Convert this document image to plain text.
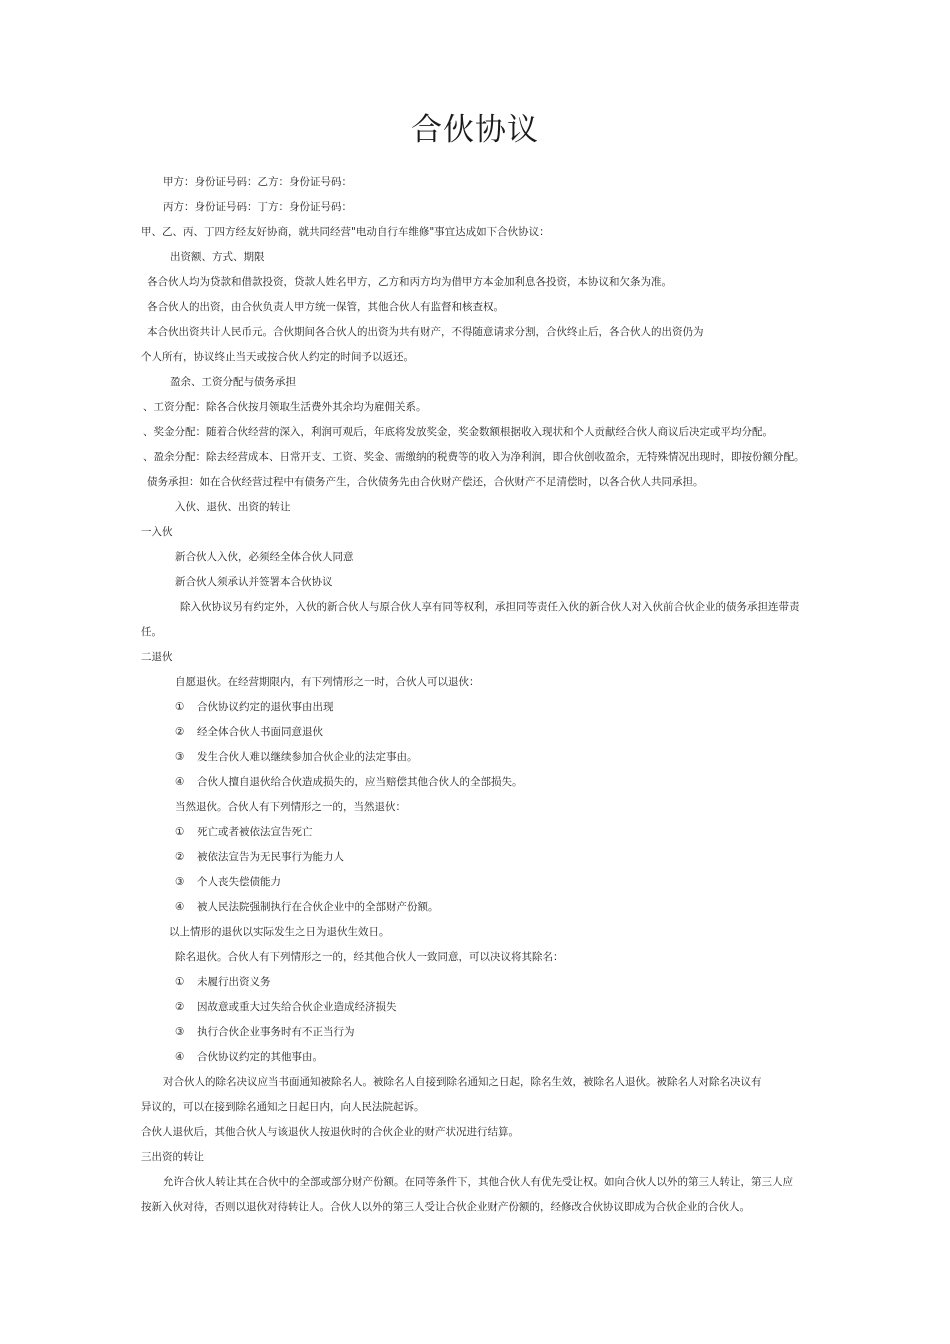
合伙协议
甲方：身份证号码：乙方：身份证号码：
丙方：身份证号码：丁方：身份证号码：
甲、乙、丙、丁四方经友好协商，就共同经营"电动自行车维修"事宜达成如下合伙协议：
出资额、方式、期限
各合伙人均为贷款和借款投资，贷款人姓名甲方，乙方和丙方均为借甲方本金加利息各投资，本协议和欠条为准。
各合伙人的出资，由合伙负责人甲方统一保管，其他合伙人有监督和核查权。
本合伙出资共计人民币元。合伙期间各合伙人的出资为共有财产，不得随意请求分割，合伙终止后，各合伙人的出资仍为
个人所有，协议终止当天或按合伙人约定的时间予以返还。
盈余、工资分配与债务承担
、工资分配：除各合伙按月领取生活费外其余均为雇佣关系。
、奖金分配：随着合伙经营的深入，利润可观后，年底将发放奖金，奖金数额根据收入现状和个人贡献经合伙人商议后决定或平均分配。
、盈余分配：除去经营成本、日常开支、工资、奖金、需缴纳的税费等的收入为净利润，即合伙创收盈余，无特殊情况出现时，即按份额分配。
债务承担：如在合伙经营过程中有债务产生，合伙债务先由合伙财产偿还，合伙财产不足清偿时，以各合伙人共同承担。
入伙、退伙、出资的转让
一入伙
新合伙人入伙，必须经全体合伙人同意
新合伙人须承认并签署本合伙协议
除入伙协议另有约定外，入伙的新合伙人与原合伙人享有同等权利，承担同等责任入伙的新合伙人对入伙前合伙企业的债务承担连带责
任。
二退伙
自愿退伙。在经营期限内，有下列情形之一时，合伙人可以退伙：
① 合伙协议约定的退伙事由出现
② 经全体合伙人书面同意退伙
③ 发生合伙人难以继续参加合伙企业的法定事由。
④ 合伙人擅自退伙给合伙造成损失的，应当赔偿其他合伙人的全部损失。
当然退伙。合伙人有下列情形之一的，当然退伙：
① 死亡或者被依法宣告死亡
② 被依法宣告为无民事行为能力人
③ 个人丧失偿债能力
④ 被人民法院强制执行在合伙企业中的全部财产份额。
以上情形的退伙以实际发生之日为退伙生效日。
除名退伙。合伙人有下列情形之一的，经其他合伙人一致同意，可以决议将其除名：
① 未履行出资义务
② 因故意或重大过失给合伙企业造成经济损失
③ 执行合伙企业事务时有不正当行为
④ 合伙协议约定的其他事由。
对合伙人的除名决议应当书面通知被除名人。被除名人自接到除名通知之日起，除名生效，被除名人退伙。被除名人对除名决议有
异议的，可以在接到除名通知之日起日内，向人民法院起诉。
合伙人退伙后，其他合伙人与该退伙人按退伙时的合伙企业的财产状况进行结算。
三出资的转让
允许合伙人转让其在合伙中的全部或部分财产份额。在同等条件下，其他合伙人有优先受让权。如向合伙人以外的第三人转让，第三人应
按新入伙对待，否则以退伙对待转让人。合伙人以外的第三人受让合伙企业财产份额的，经修改合伙协议即成为合伙企业的合伙人。
